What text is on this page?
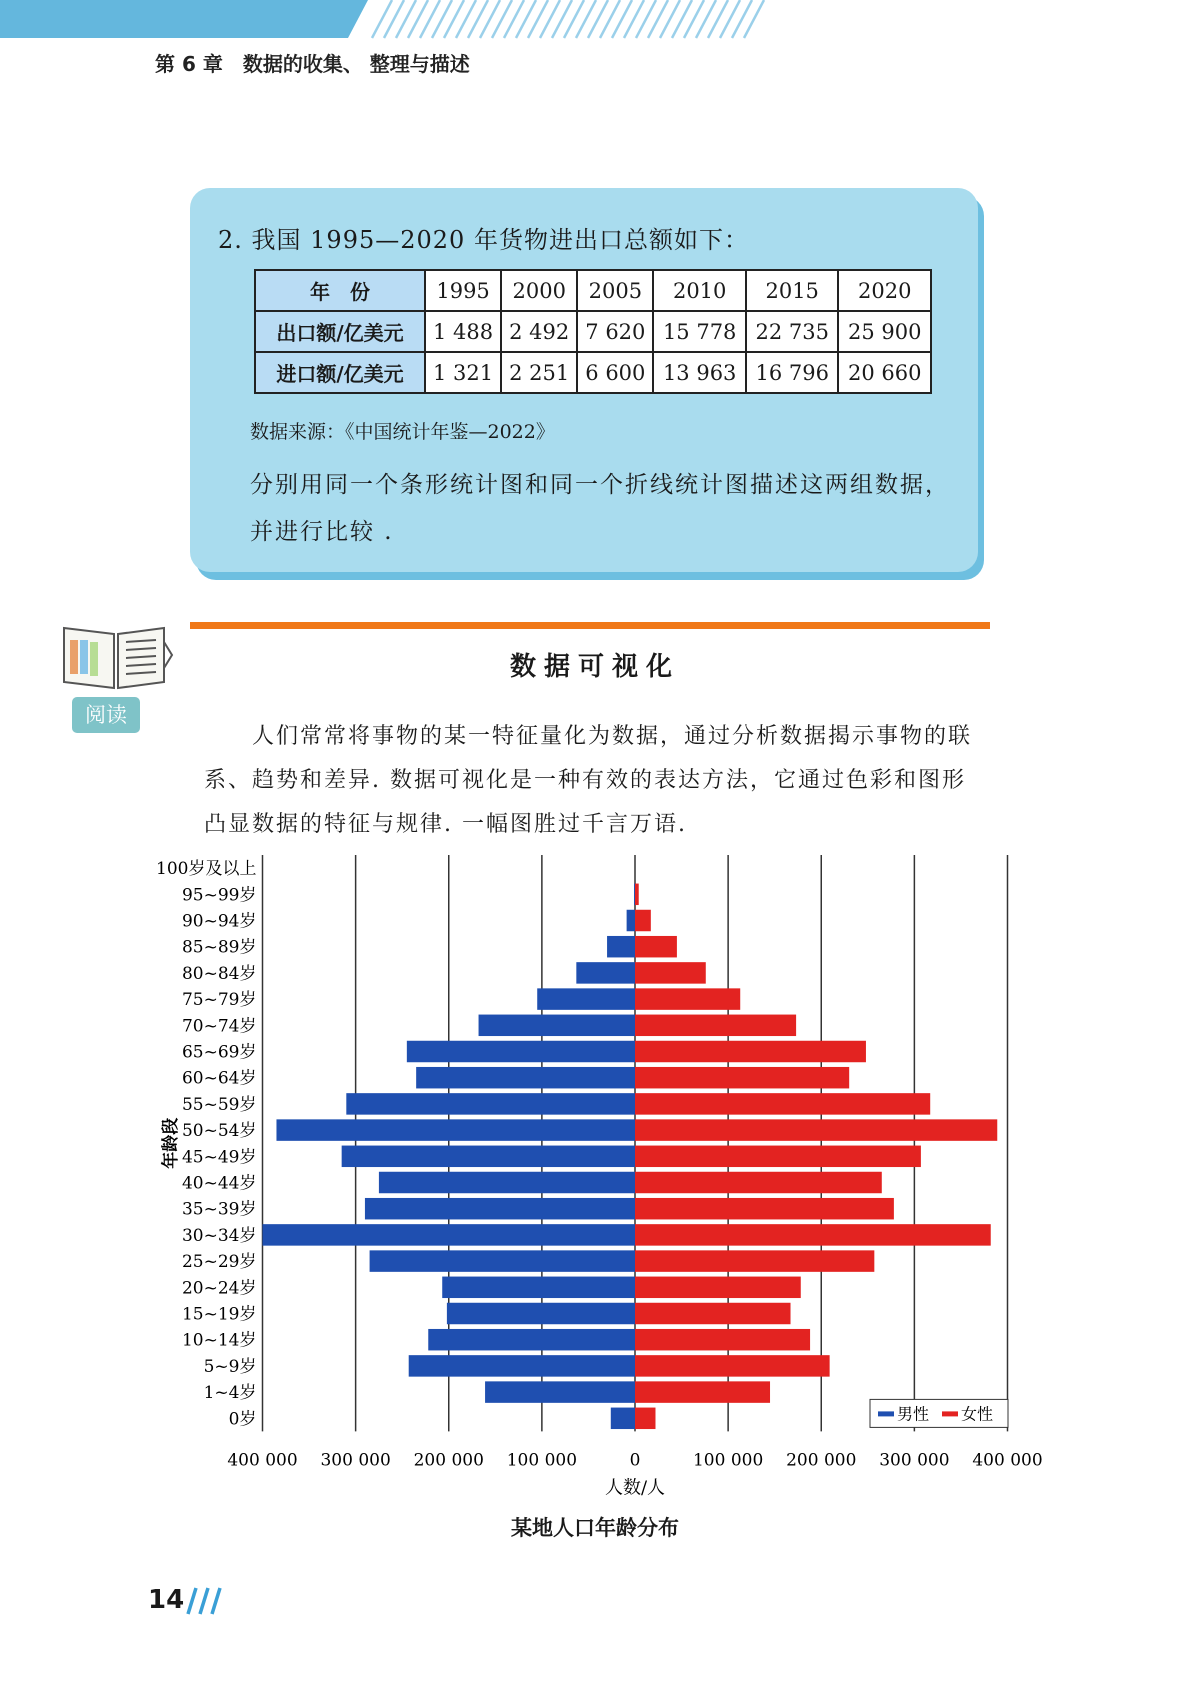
第 6 章　数据的收集、 整理与描述
2. 我国 1995—2020 年货物进出口总额如下：
年　份	1995	2000	2005	2010	2015	2020
出口额/亿美元	1 488	2 492	7 620	15 778	22 735	25 900
进口额/亿美元	1 321	2 251	6 600	13 963	16 796	20 660
数据来源：《中国统计年鉴—2022》
分别用同一个条形统计图和同一个折线统计图描述这两组数据，并进行比较 .
阅读
数据可视化

人们常常将事物的某一特征量化为数据，通过分析数据揭示事物的联系、趋势和差异. 数据可视化是一种有效的表达方法，它通过色彩和图形凸显数据的特征与规律. 一幅图胜过千言万语.

400 000 300 000 200 000 100 000	0	100 000 200 000 300 000 400 000
100岁及以上
95~99岁
90~94岁
85~89岁
80~84岁
75~79岁
70~74岁
65~69岁
60~64岁
55~59岁
50~54岁
45~49岁
40~44岁
35~39岁
30~34岁
25~29岁
20~24岁
15~19岁
10~14岁
5~9岁
1~4岁
0岁
年龄段
人数/人
男性 女性
某地人口年龄分布
14
